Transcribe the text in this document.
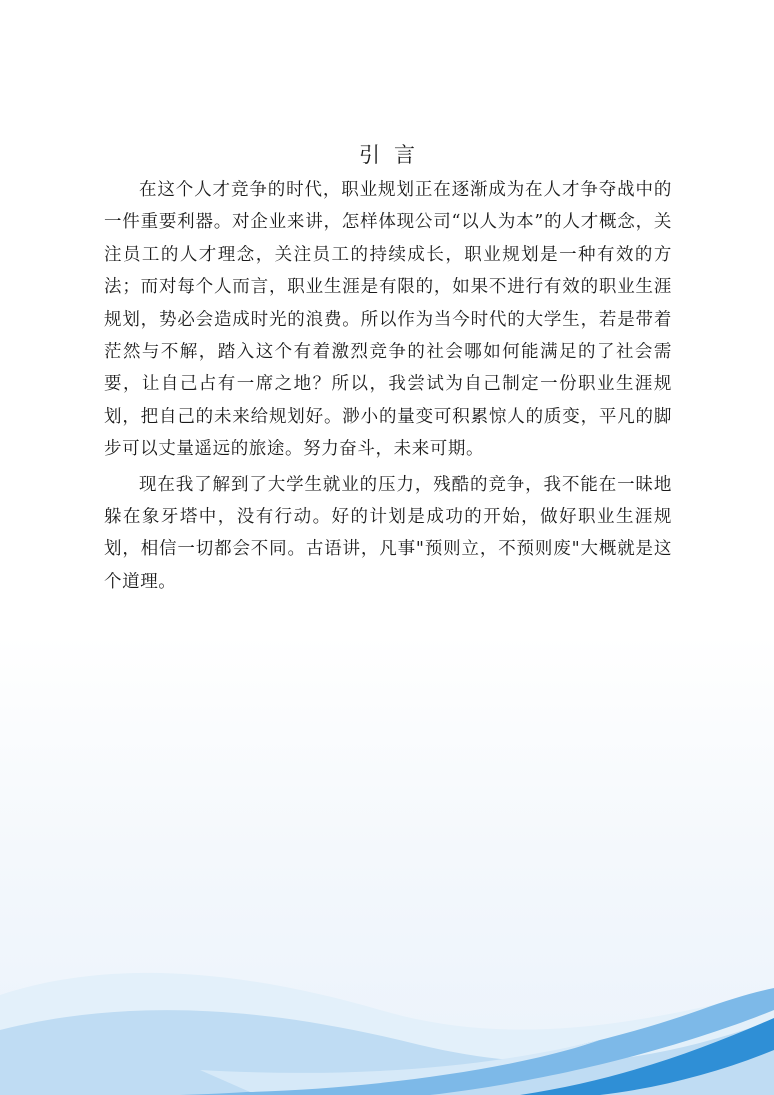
引言

在这个人才竞争的时代，职业规划正在逐渐成为在人才争夺战中的一件重要利器。对企业来讲，怎样体现公司“以人为本”的人才概念，关注员工的人才理念，关注员工的持续成长，职业规划是一种有效的方法；而对每个人而言，职业生涯是有限的，如果不进行有效的职业生涯规划，势必会造成时光的浪费。所以作为当今时代的大学生，若是带着茫然与不解，踏入这个有着激烈竞争的社会哪如何能满足的了社会需要，让自己占有一席之地？所以，我尝试为自己制定一份职业生涯规划，把自己的未来给规划好。渺小的量变可积累惊人的质变，平凡的脚步可以丈量遥远的旅途。努力奋斗，未来可期。

现在我了解到了大学生就业的压力，残酷的竞争，我不能在一昧地躲在象牙塔中，没有行动。好的计划是成功的开始，做好职业生涯规划，相信一切都会不同。古语讲，凡事"预则立，不预则废"大概就是这个道理。
